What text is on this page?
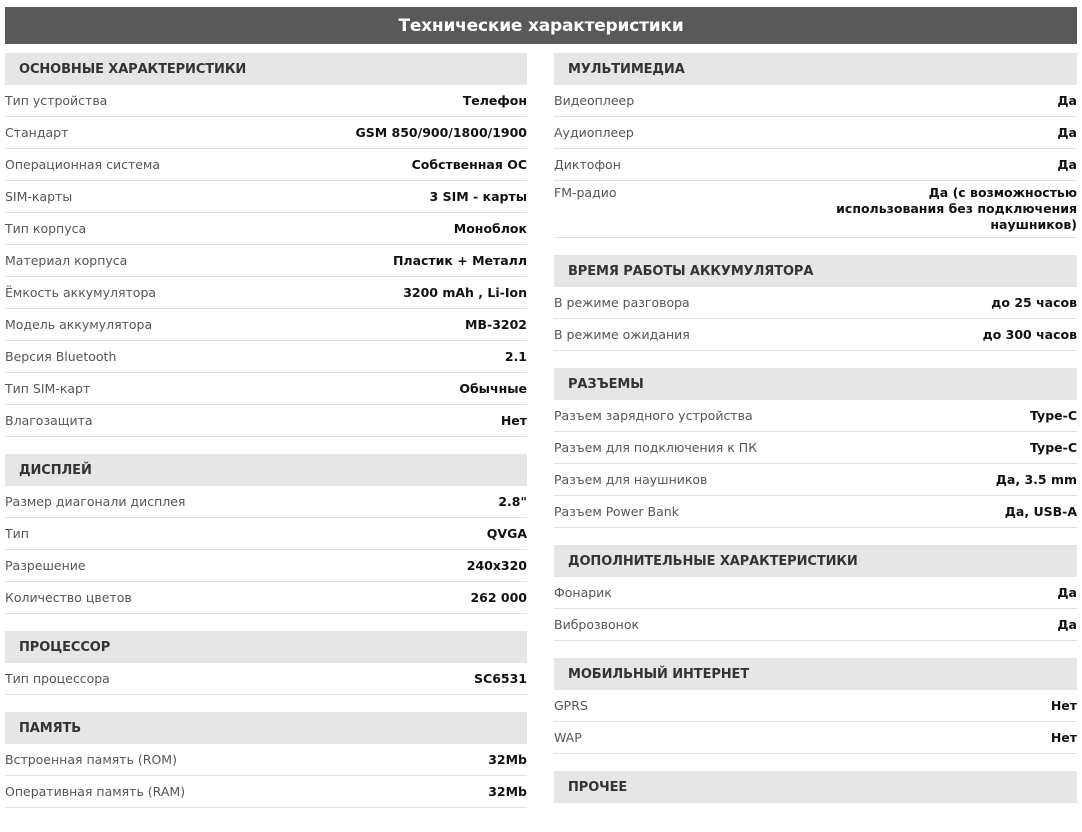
Технические характеристики
ОСНОВНЫЕ ХАРАКТЕРИСТИКИ
Тип устройства	Телефон
Стандарт	GSM 850/900/1800/1900
Операционная система	Собственная ОС
SIM-карты	3 SIM - карты
Тип корпуса	Моноблок
Материал корпуса	Пластик + Металл
Ёмкость аккумулятора	3200 mAh , Li-Ion
Модель аккумулятора	MB-3202
Версия Bluetooth	2.1
Тип SIM-карт	Обычные
Влагозащита	Нет
ДИСПЛЕЙ
Размер диагонали дисплея	2.8"
Тип	QVGA
Разрешение	240x320
Количество цветов	262 000
ПРОЦЕССОР
Тип процессора	SC6531
ПАМЯТЬ
Встроенная память (ROM)	32Mb
Оперативная память (RAM)	32Mb
МУЛЬТИМЕДИА
Видеоплеер	Да
Аудиоплеер	Да
Диктофон	Да
FM-радио	Да (с возможностью использования без подключения наушников)
ВРЕМЯ РАБОТЫ АККУМУЛЯТОРА
В режиме разговора	до 25 часов
В режиме ожидания	до 300 часов
РАЗЪЕМЫ
Разъем зарядного устройства	Type-C
Разъем для подключения к ПК	Type-C
Разъем для наушников	Да, 3.5 mm
Разъем Power Bank	Да, USB-A
ДОПОЛНИТЕЛЬНЫЕ ХАРАКТЕРИСТИКИ
Фонарик	Да
Виброзвонок	Да
МОБИЛЬНЫЙ ИНТЕРНЕТ
GPRS	Нет
WAP	Нет
ПРОЧЕЕ
